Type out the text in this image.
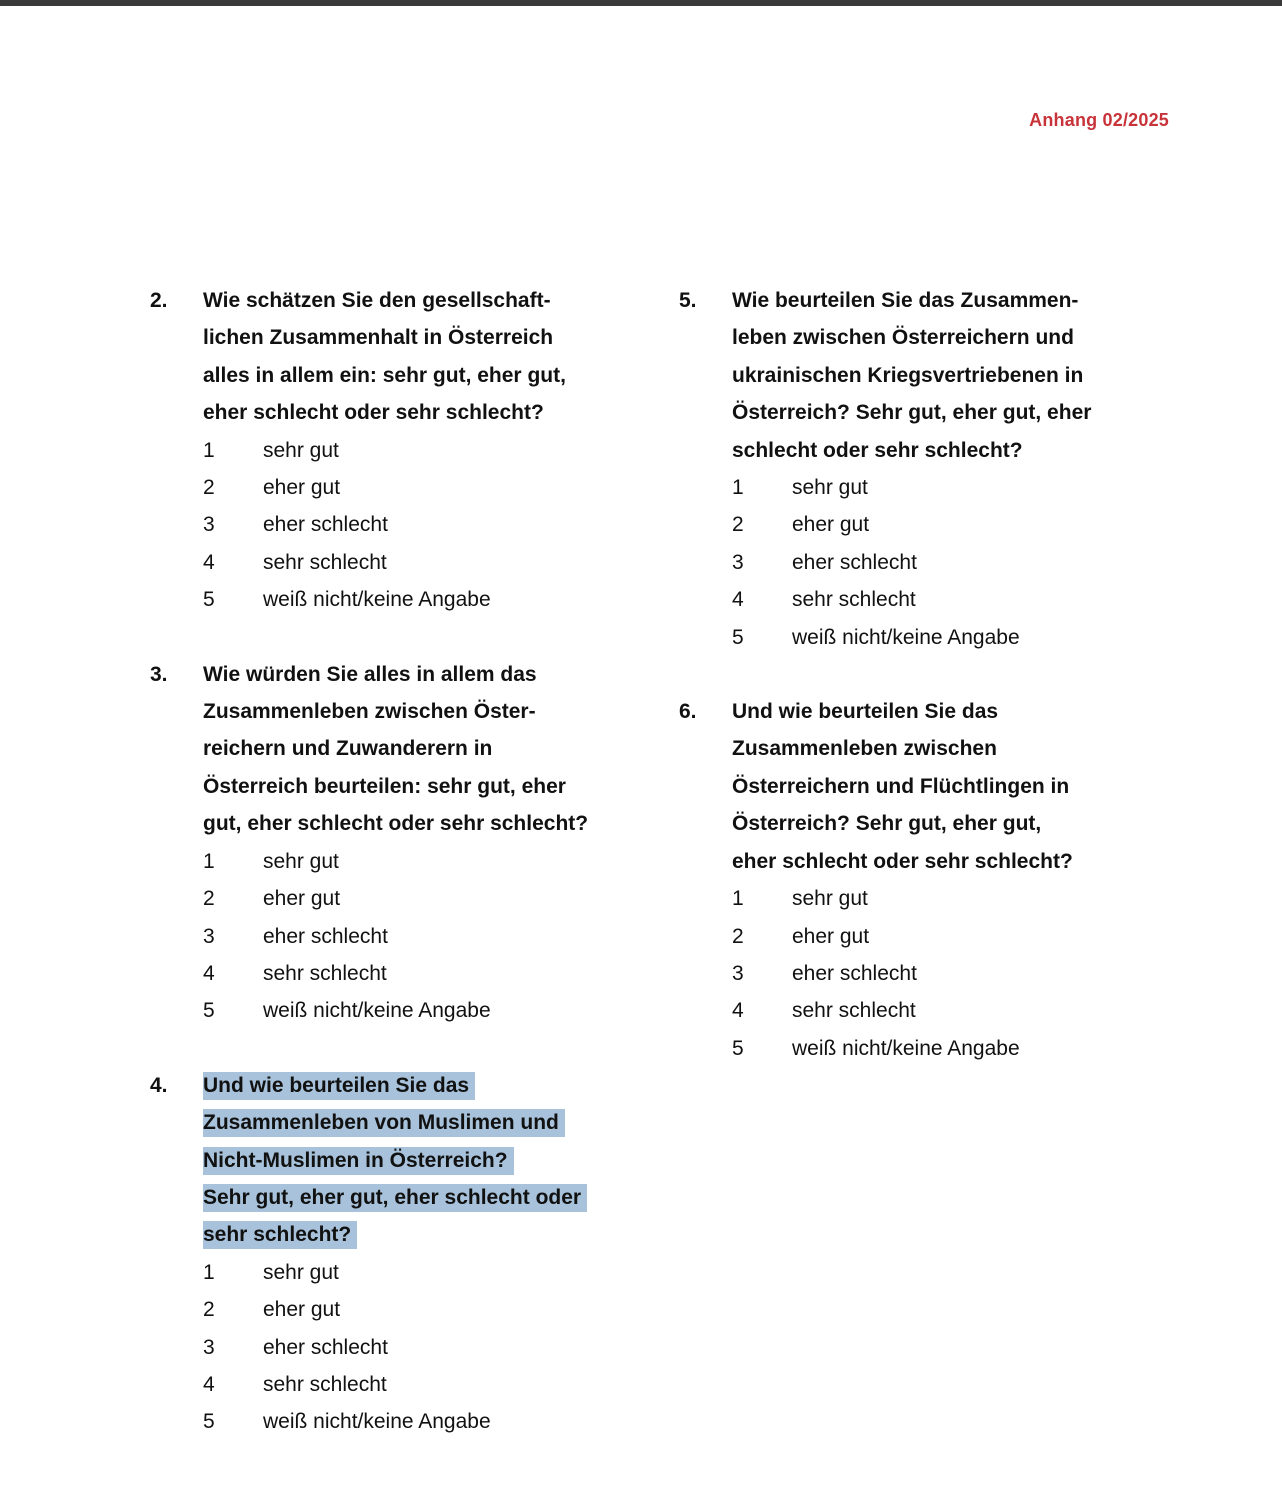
Anhang 02/2025
2.	Wie schätzen Sie den gesellschaft-
lichen Zusammenhalt in Österreich
alles in allem ein: sehr gut, eher gut,
eher schlecht oder sehr schlecht?
1	sehr gut
2	eher gut
3	eher schlecht
4	sehr schlecht
5	weiß nicht/keine Angabe
3.	Wie würden Sie alles in allem das
Zusammenleben zwischen Öster-
reichern und Zuwanderern in
Österreich beurteilen: sehr gut, eher
gut, eher schlecht oder sehr schlecht?
1	sehr gut
2	eher gut
3	eher schlecht
4	sehr schlecht
5	weiß nicht/keine Angabe
4.	Und wie beurteilen Sie das
Zusammenleben von Muslimen und
Nicht-Muslimen in Österreich?
Sehr gut, eher gut, eher schlecht oder
sehr schlecht?
1	sehr gut
2	eher gut
3	eher schlecht
4	sehr schlecht
5	weiß nicht/keine Angabe
5.	Wie beurteilen Sie das Zusammen-
leben zwischen Österreichern und
ukrainischen Kriegsvertriebenen in
Österreich? Sehr gut, eher gut, eher
schlecht oder sehr schlecht?
1	sehr gut
2	eher gut
3	eher schlecht
4	sehr schlecht
5	weiß nicht/keine Angabe
6.	Und wie beurteilen Sie das
Zusammenleben zwischen
Österreichern und Flüchtlingen in
Österreich? Sehr gut, eher gut,
eher schlecht oder sehr schlecht?
1	sehr gut
2	eher gut
3	eher schlecht
4	sehr schlecht
5	weiß nicht/keine Angabe
